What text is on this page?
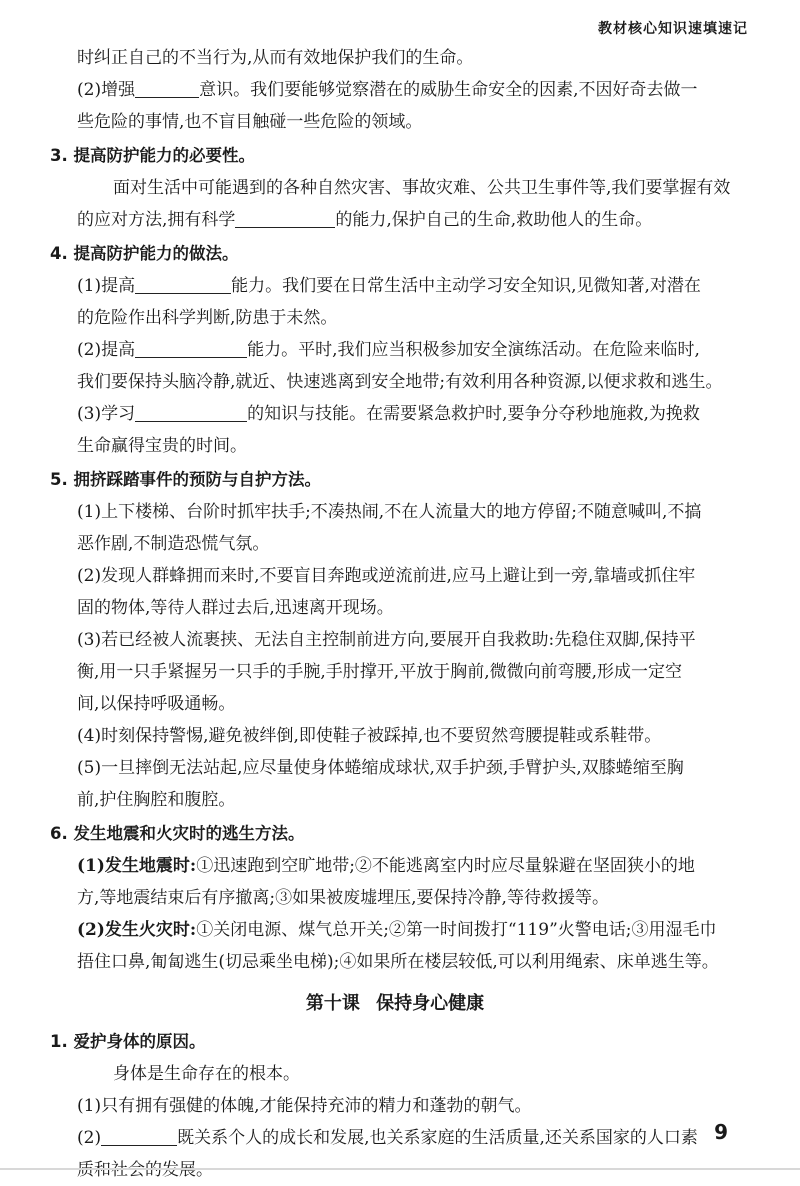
教材核心知识速填速记

时纠正自己的不当行为,从而有效地保护我们的生命。

(2)增强	意识。我们要能够觉察潜在的威胁生命安全的因素,不因好奇去做一

些危险的事情,也不盲目触碰一些危险的领域。

3. 提高防护能力的必要性。

面对生活中可能遇到的各种自然灾害、事故灾难、公共卫生事件等,我们要掌握有效

的应对方法,拥有科学	的能力,保护自己的生命,救助他人的生命。

4. 提高防护能力的做法。

(1)提高	能力。我们要在日常生活中主动学习安全知识,见微知著,对潜在

的危险作出科学判断,防患于未然。

(2)提高	能力。平时,我们应当积极参加安全演练活动。在危险来临时,

我们要保持头脑冷静,就近、快速逃离到安全地带;有效利用各种资源,以便求救和逃生。

(3)学习	的知识与技能。在需要紧急救护时,要争分夺秒地施救,为挽救

生命赢得宝贵的时间。

5. 拥挤踩踏事件的预防与自护方法。

(1)上下楼梯、台阶时抓牢扶手;不凑热闹,不在人流量大的地方停留;不随意喊叫,不搞

恶作剧,不制造恐慌气氛。

(2)发现人群蜂拥而来时,不要盲目奔跑或逆流前进,应马上避让到一旁,靠墙或抓住牢

固的物体,等待人群过去后,迅速离开现场。

(3)若已经被人流裹挟、无法自主控制前进方向,要展开自我救助:先稳住双脚,保持平

衡,用一只手紧握另一只手的手腕,手肘撑开,平放于胸前,微微向前弯腰,形成一定空

间,以保持呼吸通畅。

(4)时刻保持警惕,避免被绊倒,即使鞋子被踩掉,也不要贸然弯腰提鞋或系鞋带。

(5)一旦摔倒无法站起,应尽量使身体蜷缩成球状,双手护颈,手臂护头,双膝蜷缩至胸

前,护住胸腔和腹腔。

6. 发生地震和火灾时的逃生方法。

(1)发生地震时:①迅速跑到空旷地带;②不能逃离室内时应尽量躲避在坚固狭小的地

方,等地震结束后有序撤离;③如果被废墟埋压,要保持冷静,等待救援等。

(2)发生火灾时:①关闭电源、煤气总开关;②第一时间拨打“119”火警电话;③用湿毛巾

捂住口鼻,匍匐逃生(切忌乘坐电梯);④如果所在楼层较低,可以利用绳索、床单逃生等。

第十课 保持身心健康

1. 爱护身体的原因。

身体是生命存在的根本。

(1)只有拥有强健的体魄,才能保持充沛的精力和蓬勃的朝气。

(2)	既关系个人的成长和发展,也关系家庭的生活质量,还关系国家的人口素

质和社会的发展。

9
